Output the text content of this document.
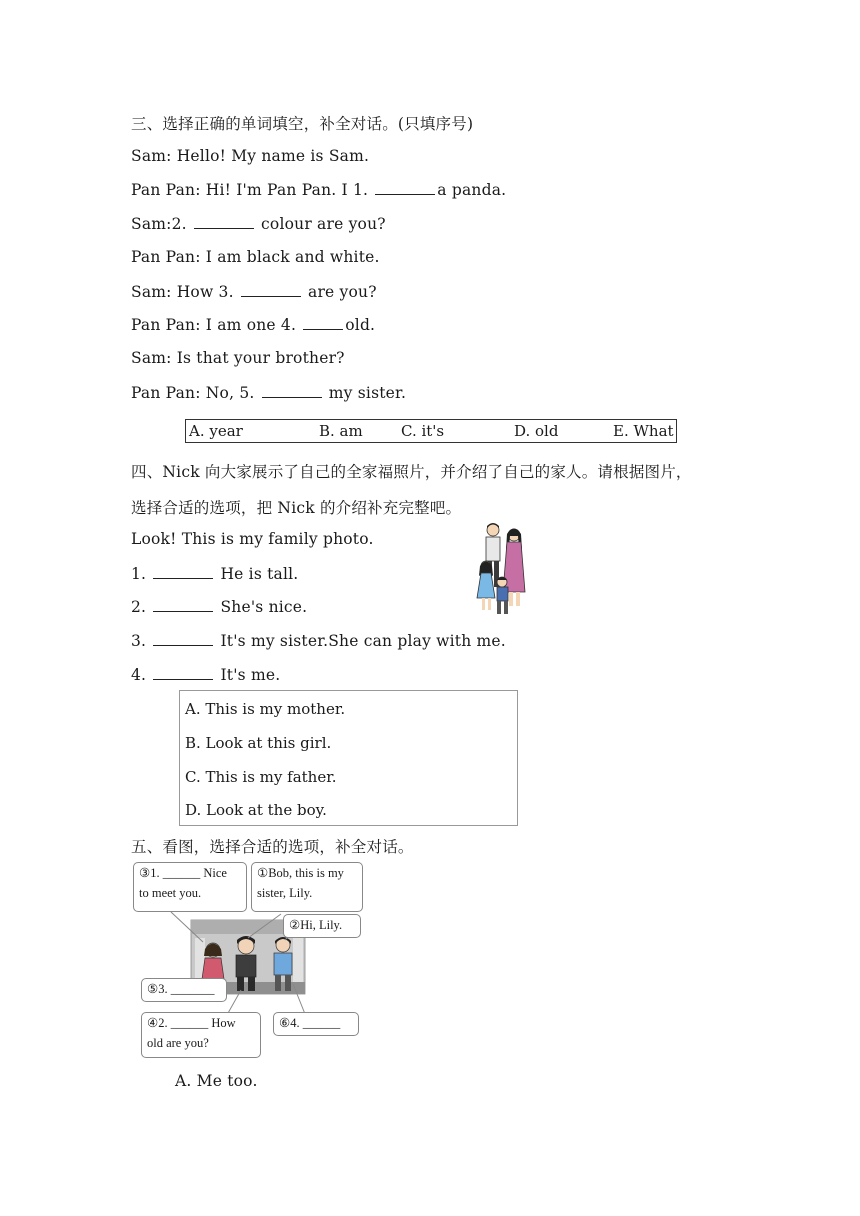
三、选择正确的单词填空，补全对话。(只填序号)
Sam: Hello! My name is Sam.
Pan Pan: Hi! I'm Pan Pan. I 1.	a panda.
Sam:2.	colour are you?
Pan Pan: I am black and white.
Sam: How 3.	are you?
Pan Pan: I am one 4.	old.
Sam: Is that your brother?
Pan Pan: No, 5.	my sister.
A. year	B. am	C. it's	D. old	E. What
四、Nick 向大家展示了自己的全家福照片，并介绍了自己的家人。请根据图片，
选择合适的选项，把 Nick 的介绍补充完整吧。
Look! This is my family photo.
1.	He is tall.
2.	She's nice.
3.	It's my sister.She can play with me.
4.	It's me.
A. This is my mother.
B. Look at this girl.
C. This is my father.
D. Look at the boy.
五、看图，选择合适的选项，补全对话。
③1. ______ Nice
to meet you.
①Bob, this is my
sister, Lily.
②Hi, Lily.
⑤3. _______
④2. ______ How
old are you?
⑥4. ______
A. Me too.
